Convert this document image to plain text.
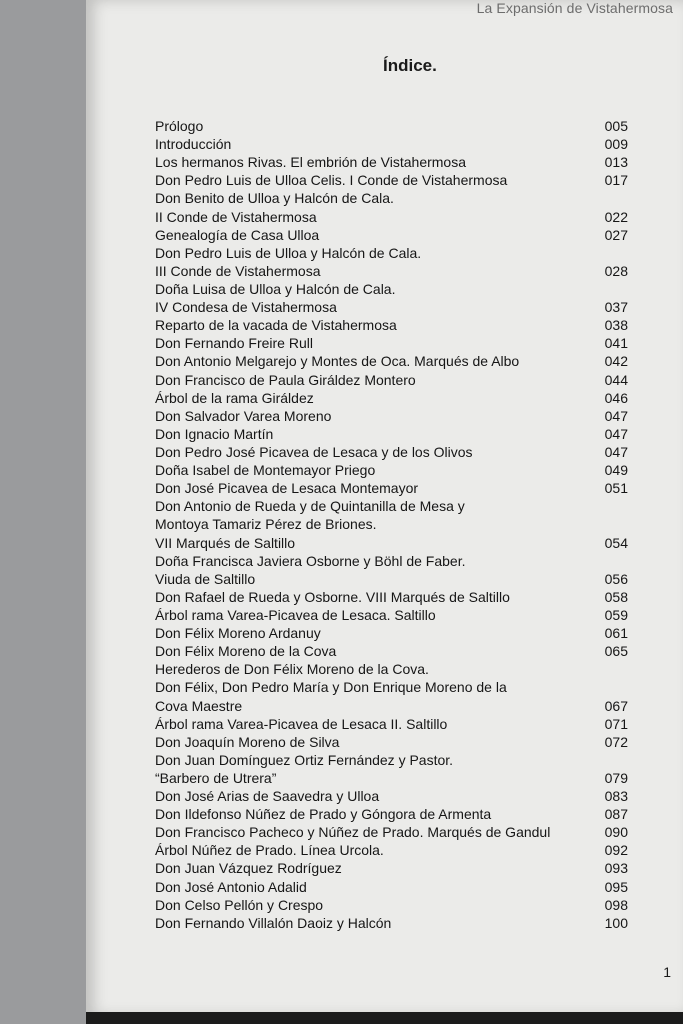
La Expansión de Vistahermosa
Índice.
Prólogo	005
Introducción	009
Los hermanos Rivas. El embrión de Vistahermosa	013
Don Pedro Luis de Ulloa Celis. I Conde de Vistahermosa	017
Don Benito de Ulloa y Halcón de Cala.
II Conde de Vistahermosa	022
Genealogía de Casa Ulloa	027
Don Pedro Luis de Ulloa y Halcón de Cala.
III Conde de Vistahermosa	028
Doña Luisa de Ulloa y Halcón de Cala.
IV Condesa de Vistahermosa	037
Reparto de la vacada de Vistahermosa	038
Don Fernando Freire Rull	041
Don Antonio Melgarejo y Montes de Oca. Marqués de Albo	042
Don Francisco de Paula Giráldez Montero	044
Árbol de la rama Giráldez	046
Don Salvador Varea Moreno	047
Don Ignacio Martín	047
Don Pedro José Picavea de Lesaca y de los Olivos	047
Doña Isabel de Montemayor Priego	049
Don José Picavea de Lesaca Montemayor	051
Don Antonio de Rueda y de Quintanilla de Mesa y
Montoya Tamariz Pérez de Briones.
VII Marqués de Saltillo	054
Doña Francisca Javiera Osborne y Böhl de Faber.
Viuda de Saltillo	056
Don Rafael de Rueda y Osborne. VIII Marqués de Saltillo	058
Árbol rama Varea-Picavea de Lesaca. Saltillo	059
Don Félix Moreno Ardanuy	061
Don Félix Moreno de la Cova	065
Herederos de Don Félix Moreno de la Cova.
Don Félix, Don Pedro María y Don Enrique Moreno de la
Cova Maestre	067
Árbol rama Varea-Picavea de Lesaca II. Saltillo	071
Don Joaquín Moreno de Silva	072
Don Juan Domínguez Ortiz Fernández y Pastor.
“Barbero de Utrera”	079
Don José Arias de Saavedra y Ulloa	083
Don Ildefonso Núñez de Prado y Góngora de Armenta	087
Don Francisco Pacheco y Núñez de Prado. Marqués de Gandul	090
Árbol Núñez de Prado. Línea Urcola.	092
Don Juan Vázquez Rodríguez	093
Don José Antonio Adalid	095
Don Celso Pellón y Crespo	098
Don Fernando Villalón Daoiz y Halcón	100
1
